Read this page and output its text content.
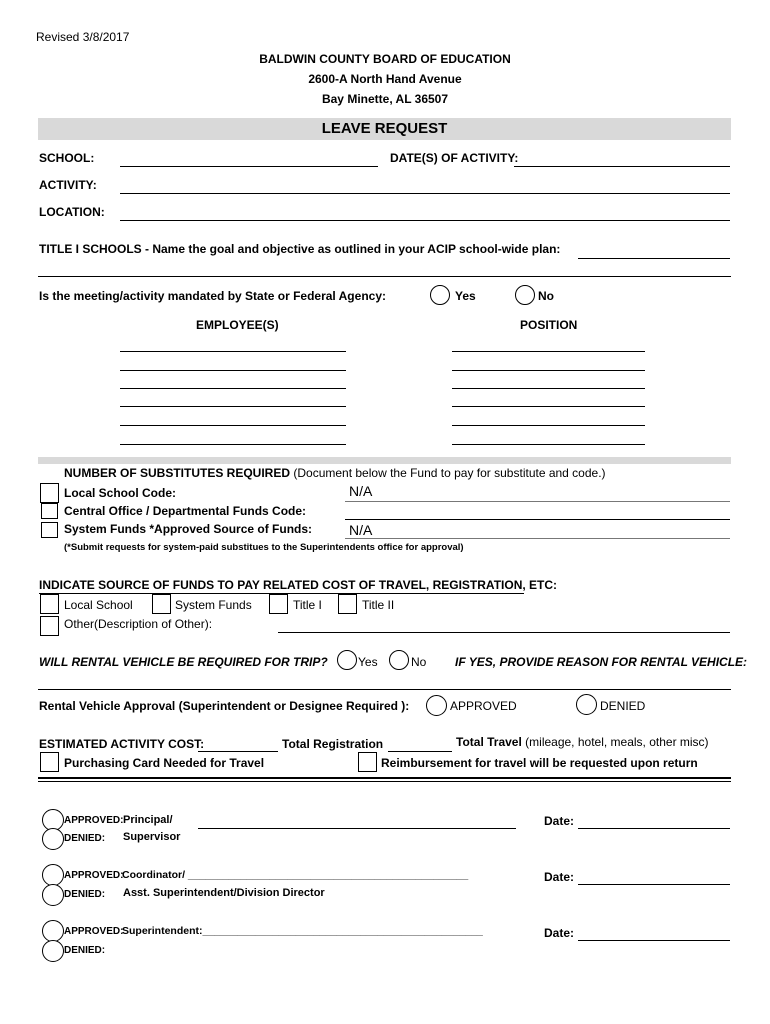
Revised 3/8/2017
BALDWIN COUNTY BOARD OF EDUCATION
2600-A North Hand Avenue
Bay Minette, AL 36507
LEAVE REQUEST
SCHOOL:	DATE(S) OF ACTIVITY:
ACTIVITY:
LOCATION:
TITLE I SCHOOLS - Name the goal and objective as outlined in your ACIP school-wide plan:
Is the meeting/activity mandated by State or Federal Agency:	Yes	No
EMPLOYEE(S)	POSITION
NUMBER OF SUBSTITUTES REQUIRED (Document below the Fund to pay for substitute and code.)
Local School Code:	N/A
Central Office / Departmental Funds Code:
System Funds *Approved Source of Funds:	N/A
(*Submit requests for system-paid substitues to the Superintendents office for approval)
INDICATE SOURCE OF FUNDS TO PAY RELATED COST OF TRAVEL, REGISTRATION, ETC:
Local School	System Funds	Title I	Title II
Other(Description of Other):
WILL RENTAL VEHICLE BE REQUIRED FOR TRIP?	Yes	No IF YES, PROVIDE REASON FOR RENTAL VEHICLE:
Rental Vehicle Approval (Superintendent or Designee Required ):	APPROVED	DENIED
ESTIMATED ACTIVITY COST:	Total Registration	Total Travel (mileage, hotel, meals, other misc)
Purchasing Card Needed for Travel	Reimbursement for travel will be requested upon return
APPROVED: Principal/
DENIED: Supervisor
Date:
APPROVED:
Coordinator/ ________________________________________________
DENIED: Asst. Superintendent/Division Director
Date:
APPROVED:
Superintendent:________________________________________________
DENIED:
Date:
